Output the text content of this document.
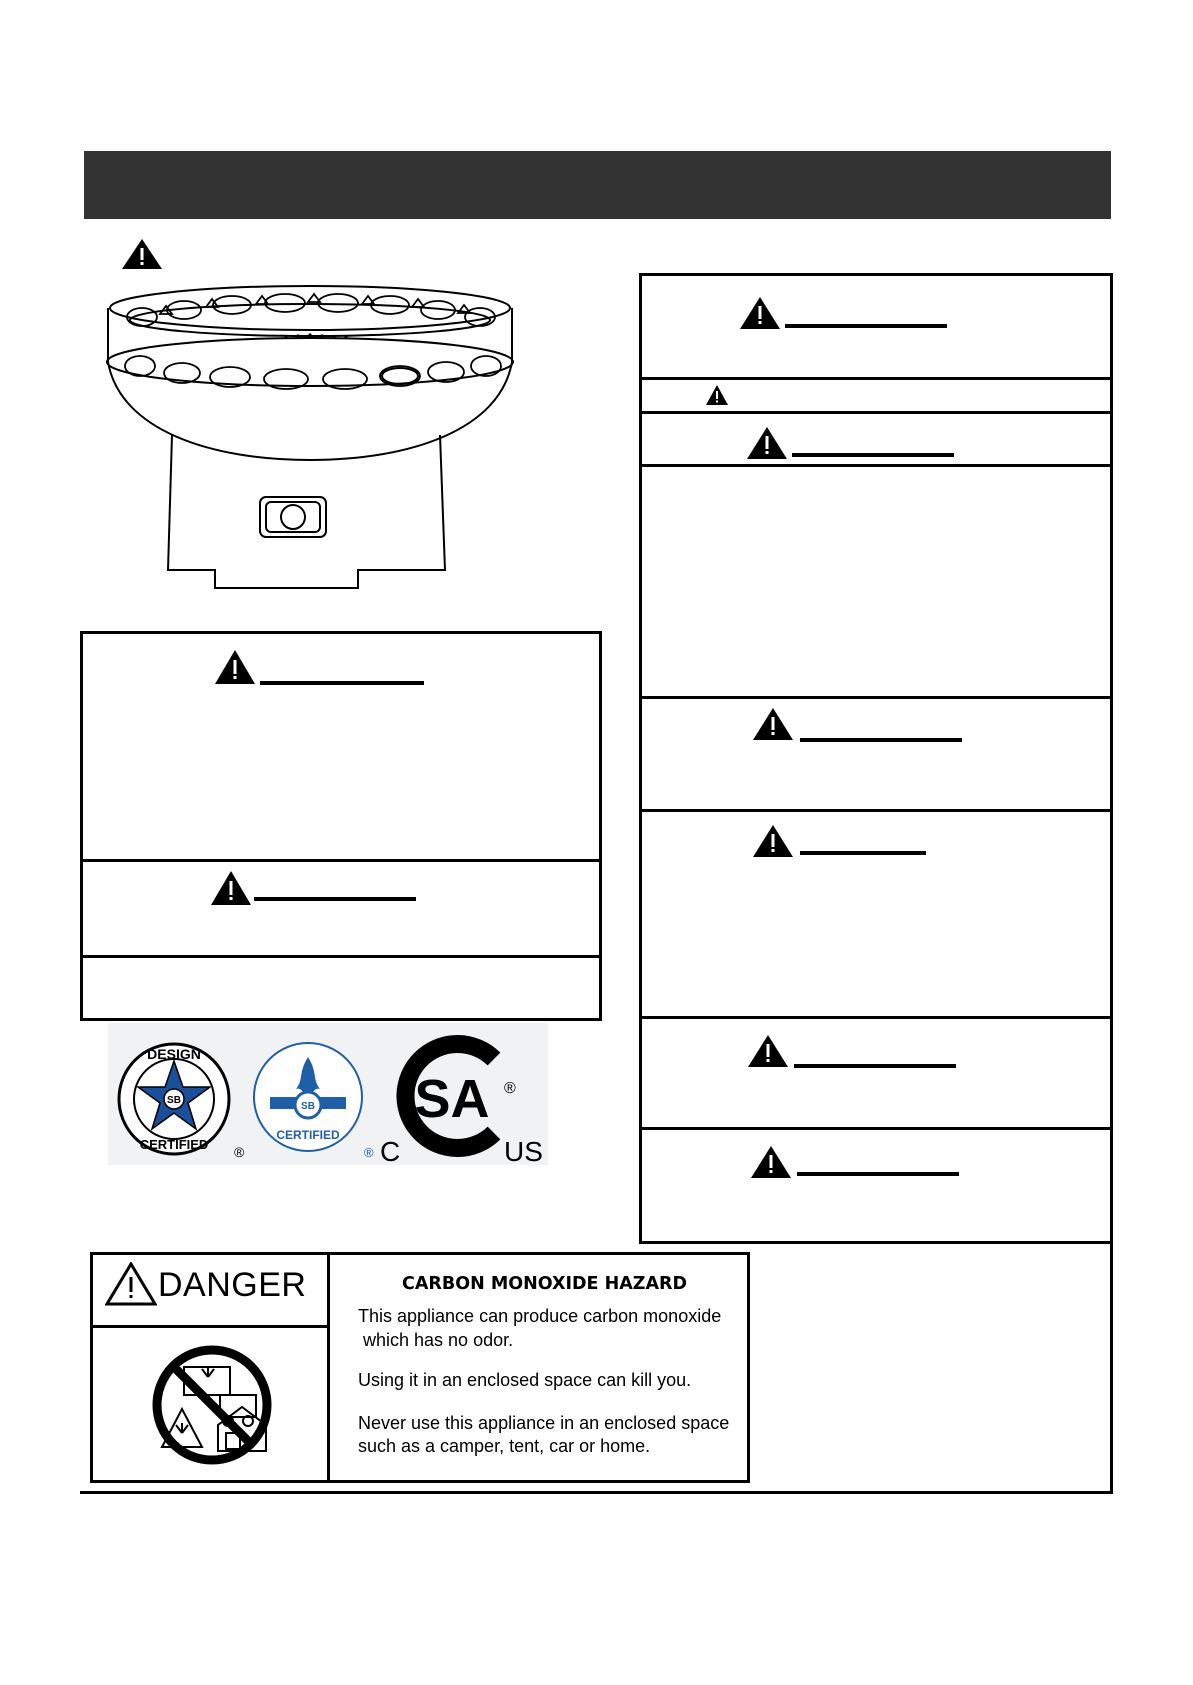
SB
DESIGN
CERTIFIED ®
SB
CERTIFIED
®
SA
C	US
®
DANGER	CARBON MONOXIDE HAZARD
This appliance can produce carbon monoxide
which has no odor.
Using it in an enclosed space can kill you.
Never use this appliance in an enclosed space
such as a camper, tent, car or home.
